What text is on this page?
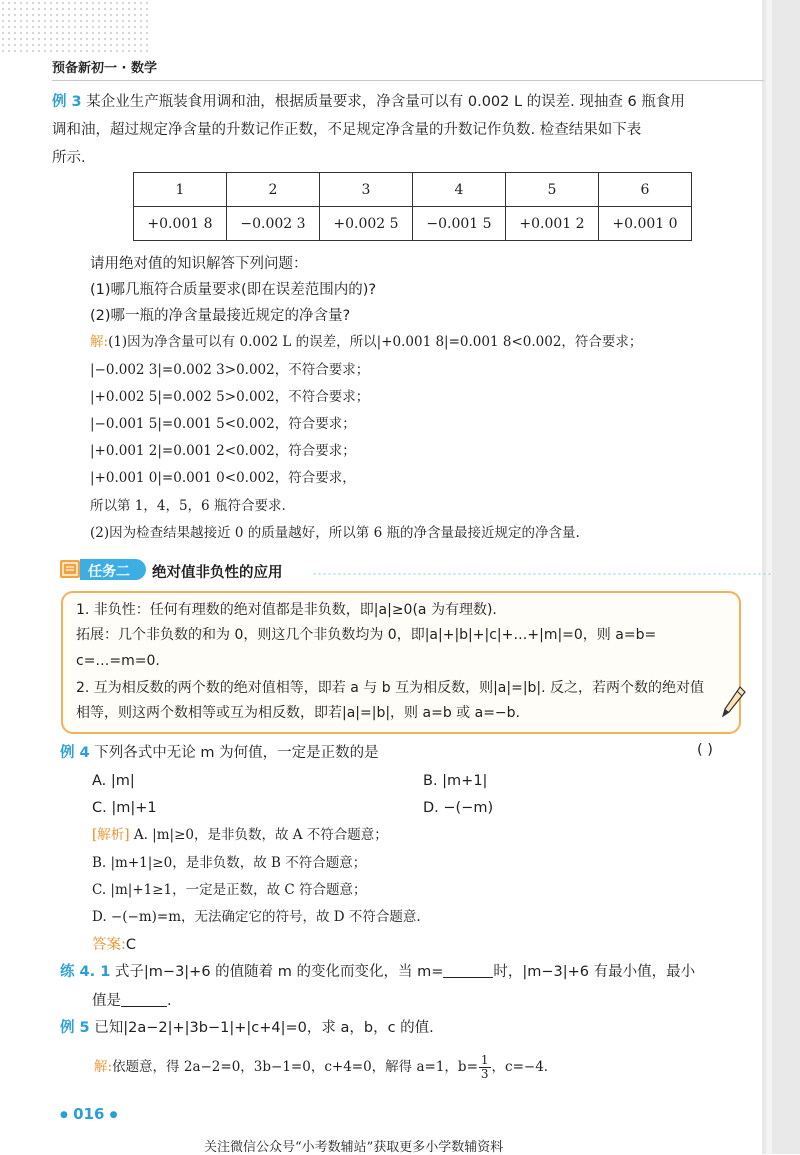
预备新初一 · 数学
例 3 某企业生产瓶装食用调和油，根据质量要求，净含量可以有 0.002 L 的误差. 现抽查 6 瓶食用
调和油，超过规定净含量的升数记作正数，不足规定净含量的升数记作负数. 检查结果如下表
所示.
1	2	3	4	5	6
+0.001 8	−0.002 3	+0.002 5	−0.001 5	+0.001 2	+0.001 0
请用绝对值的知识解答下列问题：
(1)哪几瓶符合质量要求(即在误差范围内的)?
(2)哪一瓶的净含量最接近规定的净含量?
解:(1)因为净含量可以有 0.002 L 的误差，所以|+0.001 8|=0.001 8<0.002，符合要求；
|−0.002 3|=0.002 3>0.002，不符合要求；
|+0.002 5|=0.002 5>0.002，不符合要求；
|−0.001 5|=0.001 5<0.002，符合要求；
|+0.001 2|=0.001 2<0.002，符合要求；
|+0.001 0|=0.001 0<0.002，符合要求，
所以第 1，4，5，6 瓶符合要求.
(2)因为检查结果越接近 0 的质量越好，所以第 6 瓶的净含量最接近规定的净含量.
任务二 绝对值非负性的应用
1. 非负性：任何有理数的绝对值都是非负数，即|a|≥0(a 为有理数).
拓展：几个非负数的和为 0，则这几个非负数均为 0，即|a|+|b|+|c|+…+|m|=0，则 a=b=
c=…=m=0.
2. 互为相反数的两个数的绝对值相等，即若 a 与 b 互为相反数，则|a|=|b|. 反之，若两个数的绝对值
相等，则这两个数相等或互为相反数，即若|a|=|b|，则 a=b 或 a=−b.
例 4 下列各式中无论 m 为何值，一定是正数的是	( )
A. |m|	B. |m+1|
C. |m|+1	D. −(−m)
[解析] A. |m|≥0，是非负数，故 A 不符合题意；
B. |m+1|≥0，是非负数，故 B 不符合题意；
C. |m|+1≥1，一定是正数，故 C 符合题意；
D. −(−m)=m，无法确定它的符号，故 D 不符合题意.
答案:C
练 4. 1 式子|m−3|+6 的值随着 m 的变化而变化，当 m=	时，|m−3|+6 有最小值，最小
值是	.
例 5 已知|2a−2|+|3b−1|+|c+4|=0，求 a，b，c 的值.
解:依题意，得 2a−2=0，3b−1=0，c+4=0，解得 a=1，$b= \frac{1}{3}$ ，c=−4.
● 016 ●
关注微信公众号“小考数辅站”获取更多小学数辅资料
